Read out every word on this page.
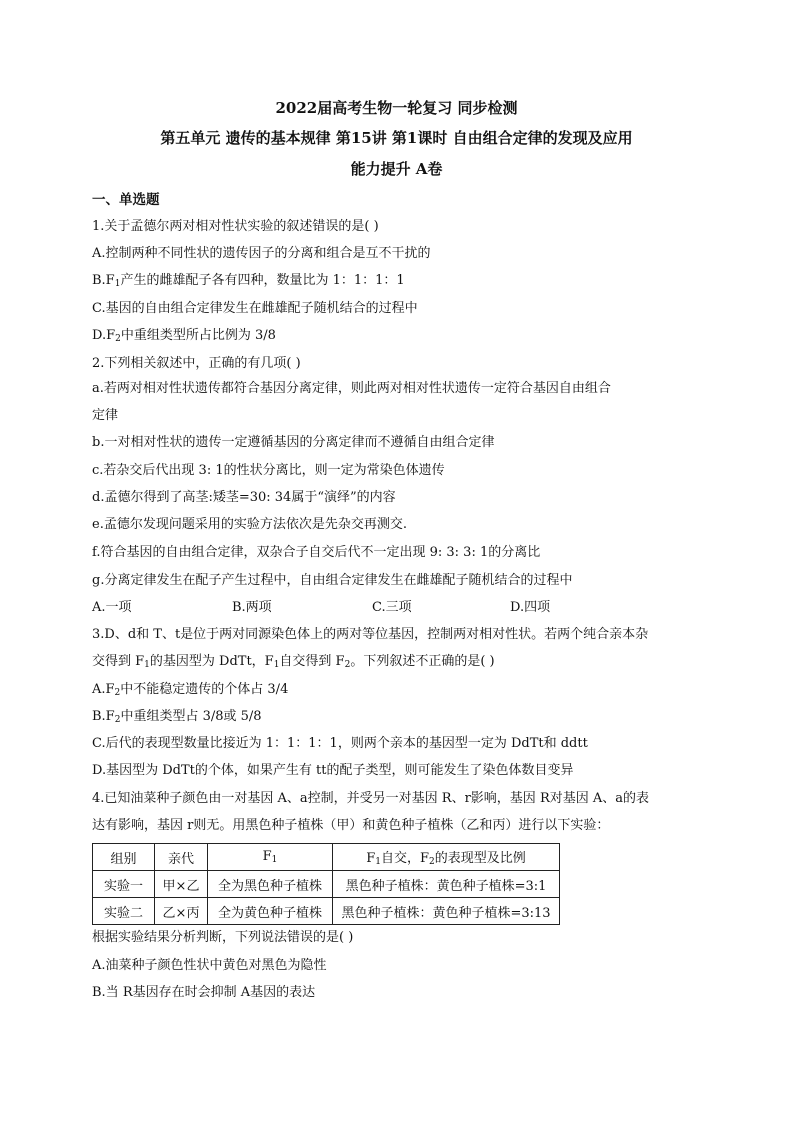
2022届高考生物一轮复习 同步检测
第五单元 遗传的基本规律 第15讲 第1课时 自由组合定律的发现及应用
能力提升 A卷
一、单选题
1.关于孟德尔两对相对性状实验的叙述错误的是( )
A.控制两种不同性状的遗传因子的分离和组合是互不干扰的
$B.F_1$产生的雌雄配子各有四种，数量比为 1：1：1：1
C.基因的自由组合定律发生在雌雄配子随机结合的过程中
$D.F_2$中重组类型所占比例为 3/8
2.下列相关叙述中，正确的有几项( )
a.若两对相对性状遗传都符合基因分离定律，则此两对相对性状遗传一定符合基因自由组合
定律
b.一对相对性状的遗传一定遵循基因的分离定律而不遵循自由组合定律
c.若杂交后代出现 3: 1的性状分离比，则一定为常染色体遗传
d.孟德尔得到了高茎:矮茎=30: 34属于“演绎”的内容
e.孟德尔发现问题采用的实验方法依次是先杂交再测交.
f.符合基因的自由组合定律，双杂合子自交后代不一定出现 9: 3: 3: 1的分离比
g.分离定律发生在配子产生过程中，自由组合定律发生在雌雄配子随机结合的过程中
A.一项	B.两项	C.三项	D.四项
3.D、d和 T、t是位于两对同源染色体上的两对等位基因，控制两对相对性状。若两个纯合亲本杂
交得到 $F_1$的基因型为 DdTt，$F_1$自交得到 $F_2$。下列叙述不正确的是( )
$A.F_2$中不能稳定遗传的个体占 3/4
$B.F_2$中重组类型占 3/8或 5/8
C.后代的表现型数量比接近为 1：1：1：1，则两个亲本的基因型一定为 DdTt和 ddtt
D.基因型为 DdTt的个体，如果产生有 tt的配子类型，则可能发生了染色体数目变异
4.已知油菜种子颜色由一对基因 A、a控制，并受另一对基因 R、r影响，基因 R对基因 A、a的表
达有影响，基因 r则无。用黑色种子植株（甲）和黄色种子植株（乙和丙）进行以下实验：
组别	亲代	$F_1$	$F_1$自交，$F_2$的表现型及比例
实验一	甲×乙	全为黑色种子植株	黑色种子植株：黄色种子植株=3:1
实验二	乙×丙	全为黄色种子植株	黑色种子植株：黄色种子植株=3:13
根据实验结果分析判断，下列说法错误的是( )
A.油菜种子颜色性状中黄色对黑色为隐性
B.当 R基因存在时会抑制 A基因的表达
